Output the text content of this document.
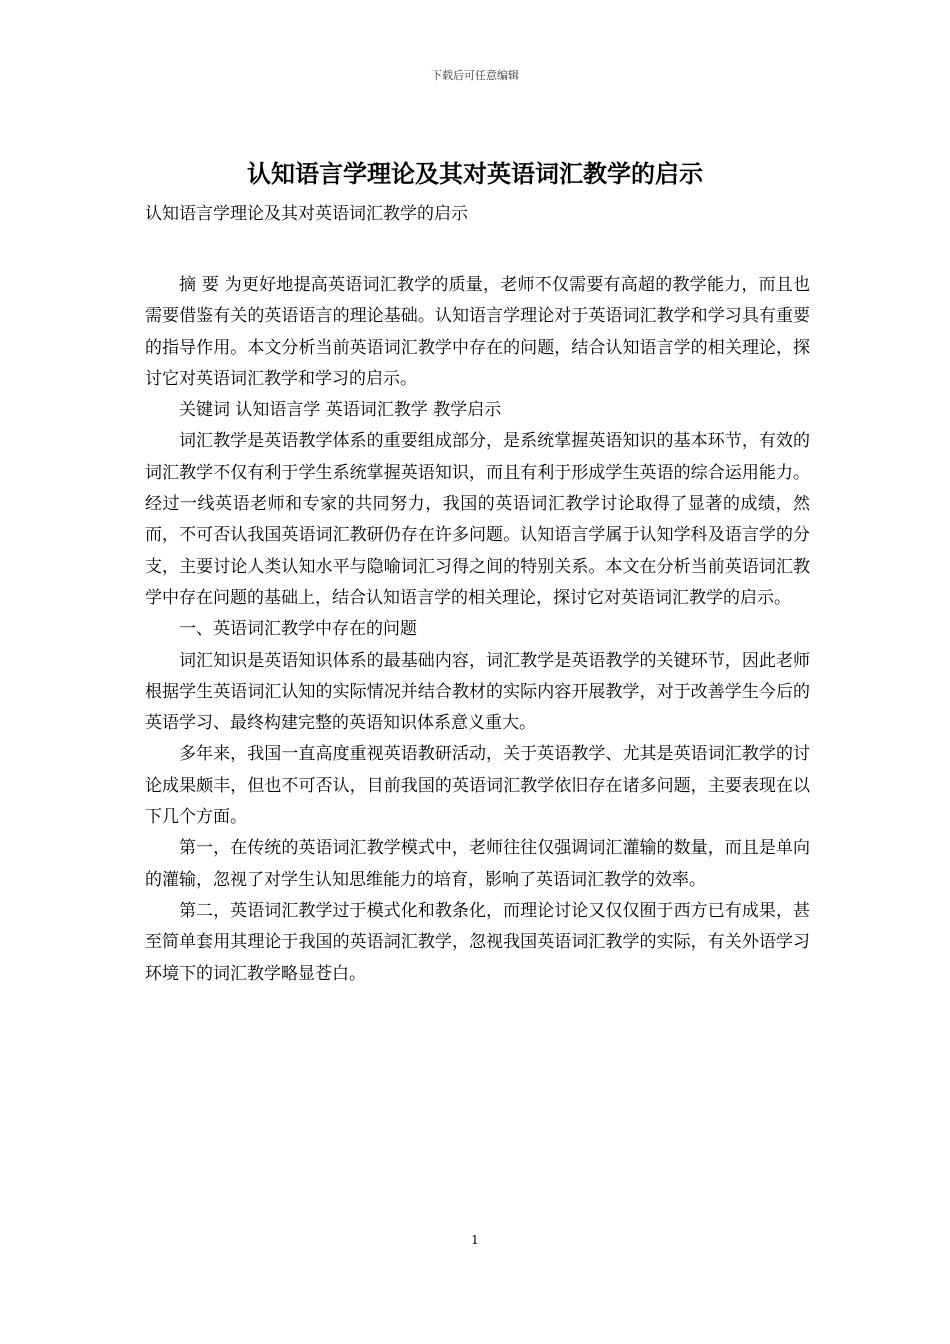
下载后可任意编辑
认知语言学理论及其对英语词汇教学的启示

认知语言学理论及其对英语词汇教学的启示

摘 要 为更好地提高英语词汇教学的质量，老师不仅需要有高超的教学能力，而且也需要借鉴有关的英语语言的理论基础。认知语言学理论对于英语词汇教学和学习具有重要的指导作用。本文分析当前英语词汇教学中存在的问题，结合认知语言学的相关理论，探讨它对英语词汇教学和学习的启示。

关键词 认知语言学 英语词汇教学 教学启示

词汇教学是英语教学体系的重要组成部分，是系统掌握英语知识的基本环节，有效的词汇教学不仅有利于学生系统掌握英语知识，而且有利于形成学生英语的综合运用能力。经过一线英语老师和专家的共同努力，我国的英语词汇教学讨论取得了显著的成绩，然而，不可否认我国英语词汇教研仍存在许多问题。认知语言学属于认知学科及语言学的分支，主要讨论人类认知水平与隐喻词汇习得之间的特别关系。本文在分析当前英语词汇教学中存在问题的基础上，结合认知语言学的相关理论，探讨它对英语词汇教学的启示。

一、英语词汇教学中存在的问题

词汇知识是英语知识体系的最基础内容，词汇教学是英语教学的关键环节，因此老师根据学生英语词汇认知的实际情况并结合教材的实际内容开展教学，对于改善学生今后的英语学习、最终构建完整的英语知识体系意义重大。

多年来，我国一直高度重视英语教研活动，关于英语教学、尤其是英语词汇教学的讨论成果颇丰，但也不可否认，目前我国的英语词汇教学依旧存在诸多问题，主要表现在以下几个方面。

第一，在传统的英语词汇教学模式中，老师往往仅强调词汇灌输的数量，而且是单向的灌输，忽视了对学生认知思维能力的培育，影响了英语词汇教学的效率。

第二，英语词汇教学过于模式化和教条化，而理论讨论又仅仅囿于西方已有成果，甚至简单套用其理论于我国的英语詞汇教学，忽视我国英语词汇教学的实际，有关外语学习环境下的词汇教学略显苍白。

1
